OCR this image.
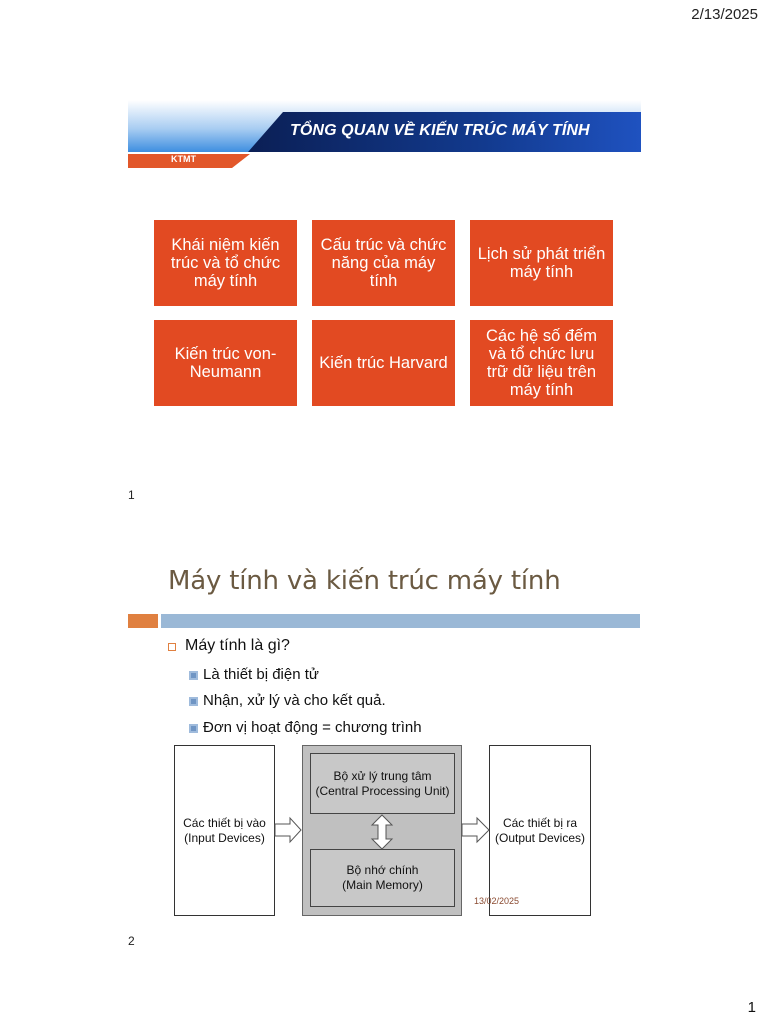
2/13/2025
1
TỔNG QUAN VỀ KIẾN TRÚC MÁY TÍNH
KTMT
Khái niệm kiến trúc và tổ chức máy tính
Cấu trúc và chức năng của máy tính
Lịch sử phát triển máy tính
Kiến trúc von-Neumann	Kiến trúc Harvard
Các hệ số đếm và tổ chức lưu trữ dữ liệu trên máy tính
1
Máy tính và kiến trúc máy tính
Máy tính là gì?
Là thiết bị điện tử
Nhận, xử lý và cho kết quả.
Đơn vị hoạt động = chương trình
Các thiết bị vào
(Input Devices)
Bộ xử lý trung tâm
(Central Processing Unit)
Bộ nhớ chính
(Main Memory)
Các thiết bị ra
(Output Devices)
13/02/2025
2
